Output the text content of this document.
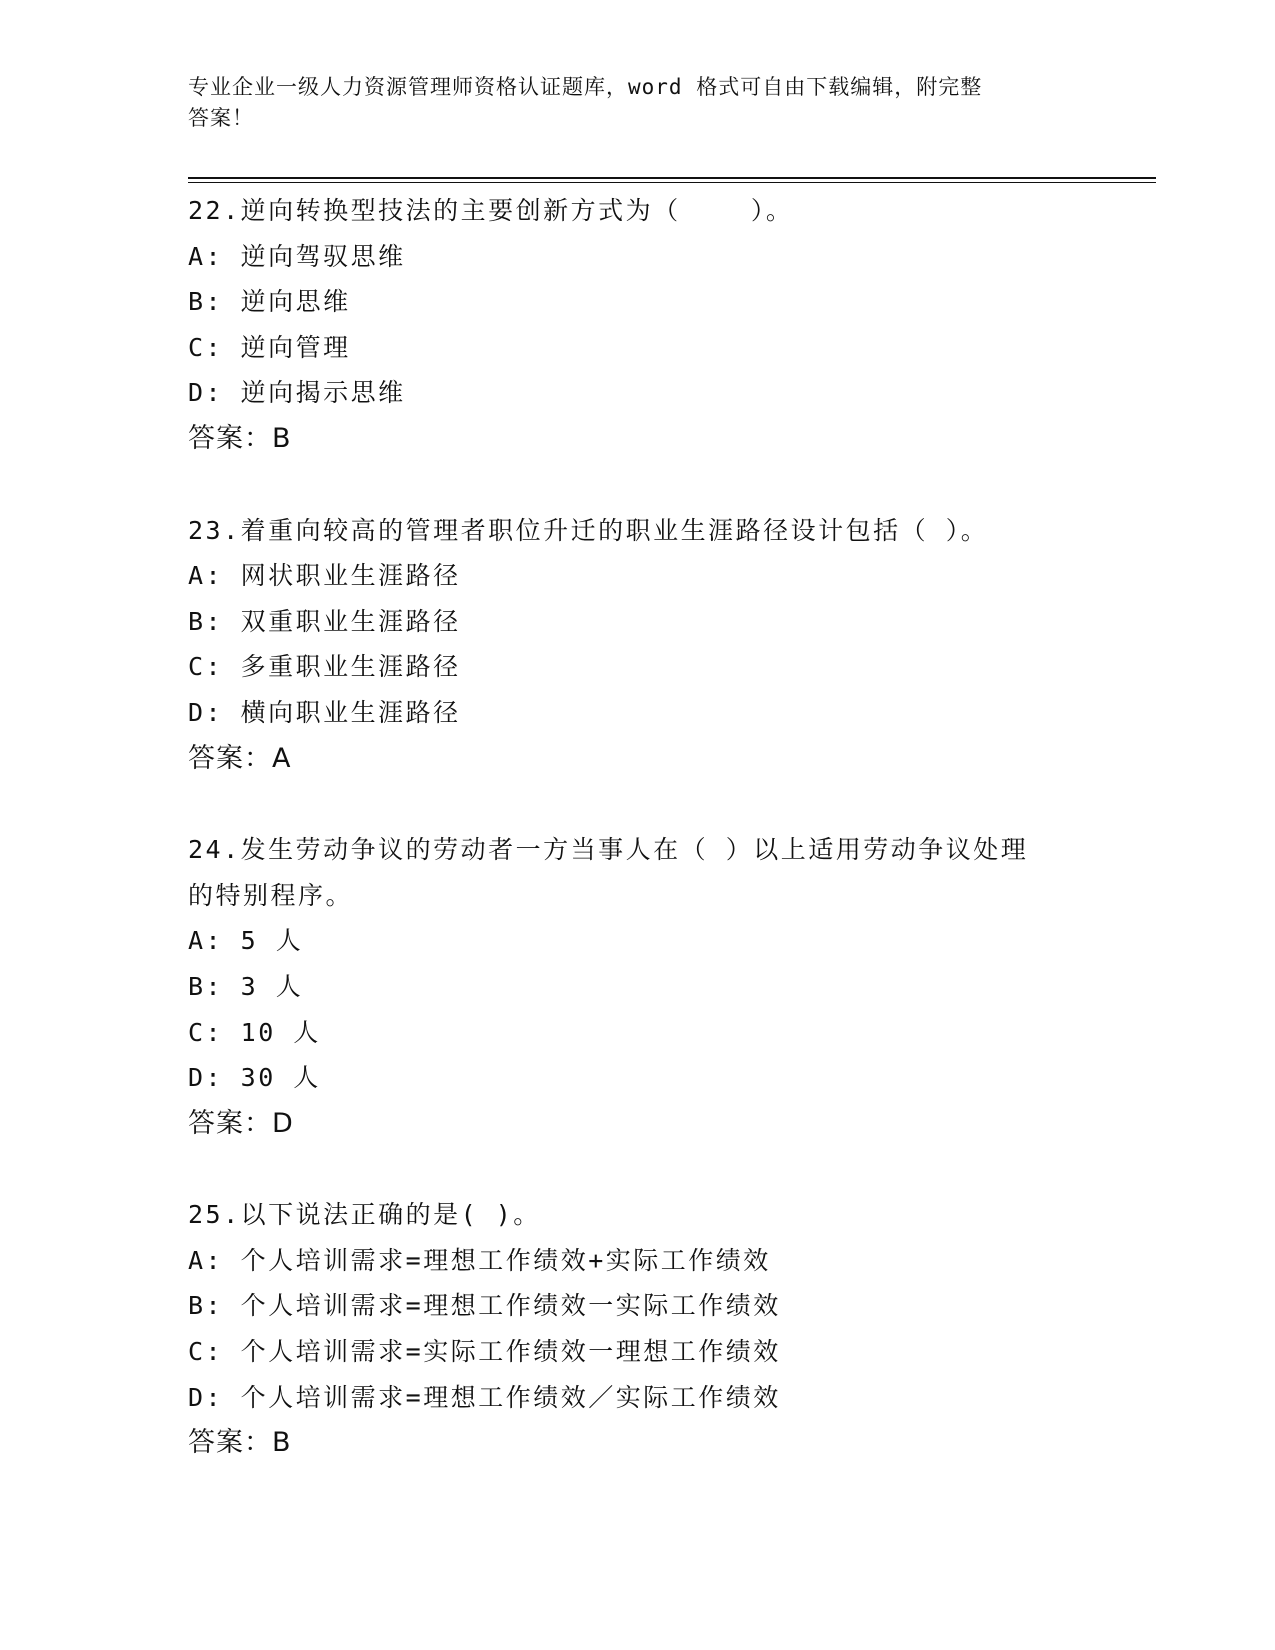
专业企业一级人力资源管理师资格认证题库，word 格式可自由下载编辑，附完整
答案！
22.逆向转换型技法的主要创新方式为（    ）。
A: 逆向驾驭思维
B: 逆向思维
C: 逆向管理
D: 逆向揭示思维
答案：B
23.着重向较高的管理者职位升迁的职业生涯路径设计包括（ ）。
A: 网状职业生涯路径
B: 双重职业生涯路径
C: 多重职业生涯路径
D: 横向职业生涯路径
答案：A
24.发生劳动争议的劳动者一方当事人在（ ）以上适用劳动争议处理
的特别程序。
A: 5 人
B: 3 人
C: 10 人
D: 30 人
答案：D
25.以下说法正确的是( )。
A: 个人培训需求=理想工作绩效+实际工作绩效
B: 个人培训需求=理想工作绩效一实际工作绩效
C: 个人培训需求=实际工作绩效一理想工作绩效
D: 个人培训需求=理想工作绩效／实际工作绩效
答案：B
